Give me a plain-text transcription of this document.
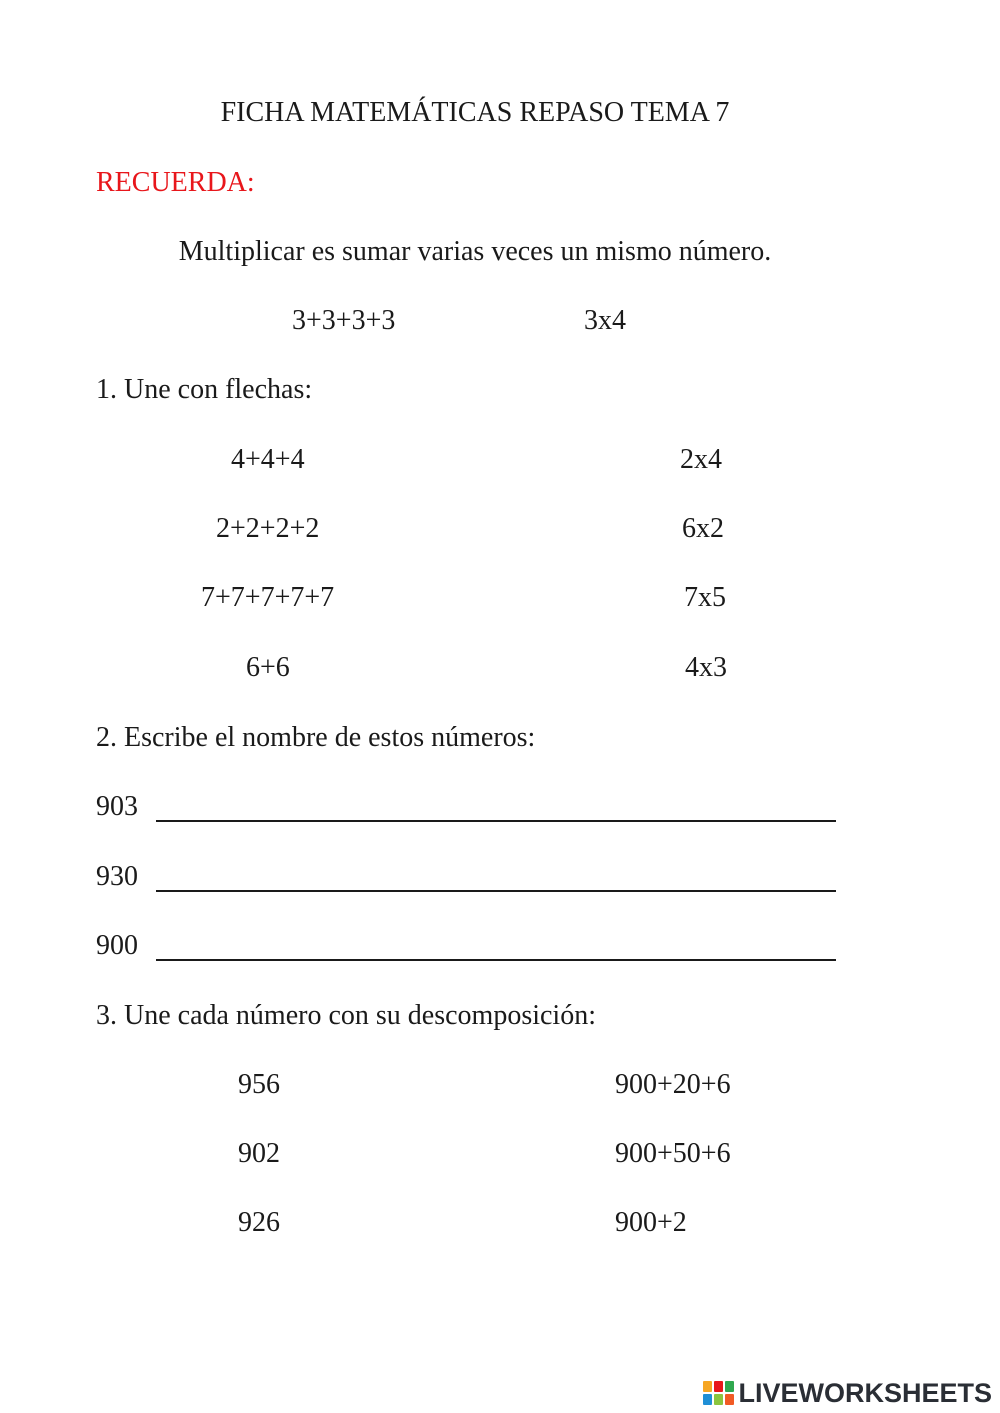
FICHA MATEMÁTICAS REPASO TEMA 7
RECUERDA:
Multiplicar es sumar varias veces un mismo número.
3+3+3+3	3x4
1. Une con flechas:
4+4+4
2+2+2+2
7+7+7+7+7
6+6
2x4
6x2
7x5
4x3
2. Escribe el nombre de estos números:
903
930
900
3. Une cada número con su descomposición:
956
902
926
900+20+6
900+50+6
900+2
LIVEWORKSHEETS
